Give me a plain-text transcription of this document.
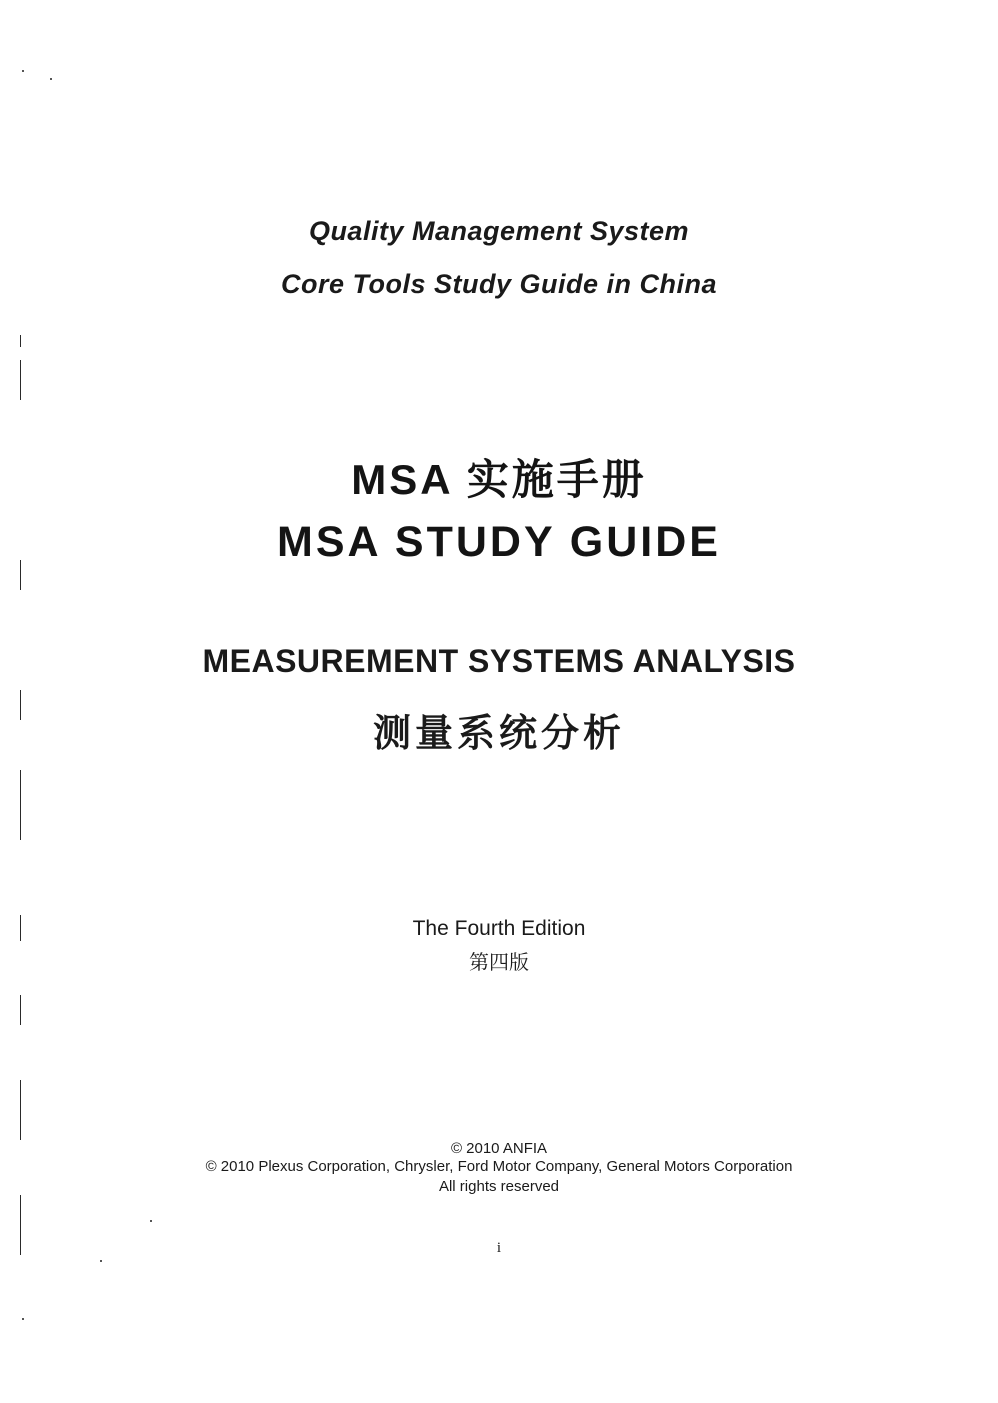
Quality Management System
Core Tools Study Guide in China
MSA 实施手册
MSA STUDY GUIDE
MEASUREMENT SYSTEMS ANALYSIS
测量系统分析
The Fourth Edition
第四版
© 2010 ANFIA
© 2010 Plexus Corporation, Chrysler, Ford Motor Company, General Motors Corporation
All rights reserved
i
